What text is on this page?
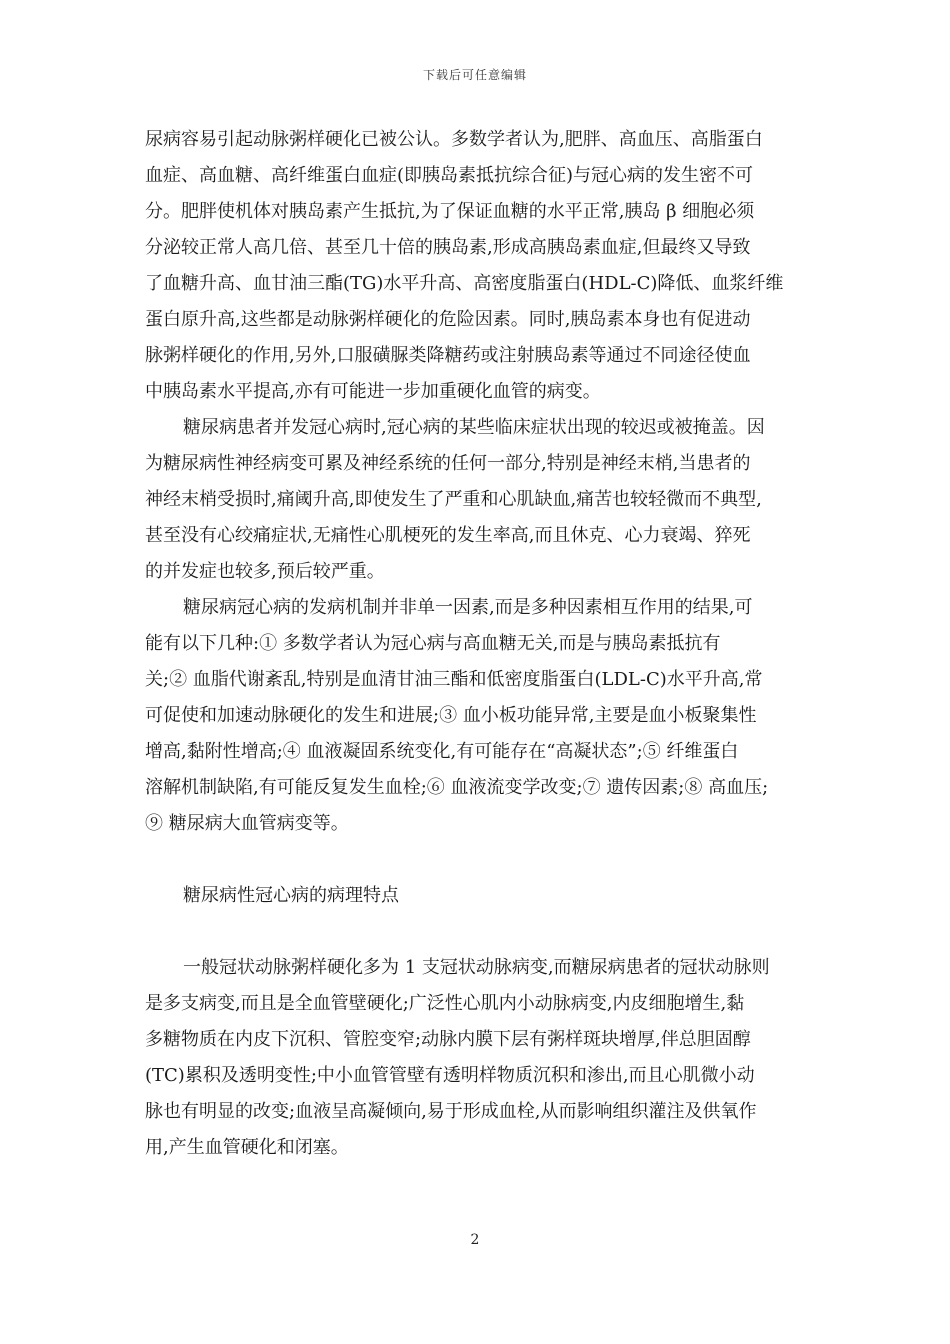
下载后可任意编辑
尿病容易引起动脉粥样硬化已被公认。多数学者认为,肥胖、高血压、高脂蛋白
血症、高血糖、高纤维蛋白血症(即胰岛素抵抗综合征)与冠心病的发生密不可
分。肥胖使机体对胰岛素产生抵抗,为了保证血糖的水平正常,胰岛 β 细胞必须
分泌较正常人高几倍、甚至几十倍的胰岛素,形成高胰岛素血症,但最终又导致
了血糖升高、血甘油三酯(TG)水平升高、高密度脂蛋白(HDL-C)降低、血浆纤维
蛋白原升高,这些都是动脉粥样硬化的危险因素。同时,胰岛素本身也有促进动
脉粥样硬化的作用,另外,口服磺脲类降糖药或注射胰岛素等通过不同途径使血
中胰岛素水平提高,亦有可能进一步加重硬化血管的病变。
糖尿病患者并发冠心病时,冠心病的某些临床症状出现的较迟或被掩盖。因
为糖尿病性神经病变可累及神经系统的任何一部分,特别是神经末梢,当患者的
神经末梢受损时,痛阈升高,即使发生了严重和心肌缺血,痛苦也较轻微而不典型,
甚至没有心绞痛症状,无痛性心肌梗死的发生率高,而且休克、心力衰竭、猝死
的并发症也较多,预后较严重。
糖尿病冠心病的发病机制并非单一因素,而是多种因素相互作用的结果,可
能有以下几种:① 多数学者认为冠心病与高血糖无关,而是与胰岛素抵抗有
关;② 血脂代谢紊乱,特别是血清甘油三酯和低密度脂蛋白(LDL-C)水平升高,常
可促使和加速动脉硬化的发生和进展;③ 血小板功能异常,主要是血小板聚集性
增高,黏附性增高;④ 血液凝固系统变化,有可能存在“高凝状态”;⑤ 纤维蛋白
溶解机制缺陷,有可能反复发生血栓;⑥ 血液流变学改变;⑦ 遗传因素;⑧ 高血压;
⑨ 糖尿病大血管病变等。
糖尿病性冠心病的病理特点
一般冠状动脉粥样硬化多为 1 支冠状动脉病变,而糖尿病患者的冠状动脉则
是多支病变,而且是全血管壁硬化;广泛性心肌内小动脉病变,内皮细胞增生,黏
多糖物质在内皮下沉积、管腔变窄;动脉内膜下层有粥样斑块增厚,伴总胆固醇
(TC)累积及透明变性;中小血管管壁有透明样物质沉积和渗出,而且心肌微小动
脉也有明显的改变;血液呈高凝倾向,易于形成血栓,从而影响组织灌注及供氧作
用,产生血管硬化和闭塞。
2
